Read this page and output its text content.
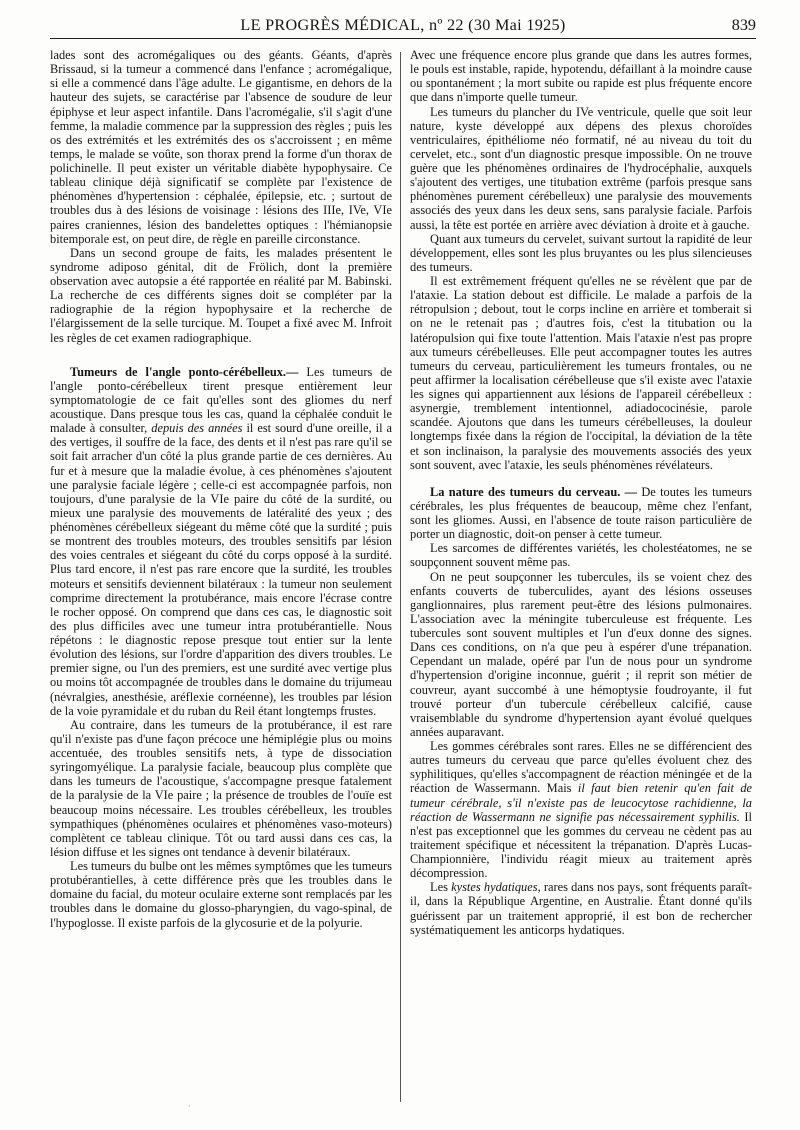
LE PROGRÈS MÉDICAL, nº 22 (30 Mai 1925)	839

lades sont des acromégaliques ou des géants. Géants, d'après Brissaud, si la tumeur a commencé dans l'enfance ; acromégalique, si elle a commencé dans l'âge adulte. Le gigantisme, en dehors de la hauteur des sujets, se caractérise par l'absence de soudure de leur épiphyse et leur aspect infantile. Dans l'acromégalie, s'il s'agit d'une femme, la maladie commence par la suppression des règles ; puis les os des extrémités et les extrémités des os s'accroissent ; en même temps, le malade se voûte, son thorax prend la forme d'un thorax de polichinelle. Il peut exister un véritable diabète hypophysaire. Ce tableau clinique déjà significatif se complète par l'existence de phénomènes d'hypertension : céphalée, épilepsie, etc. ; surtout de troubles dus à des lésions de voisinage : lésions des IIIe, IVe, VIe paires craniennes, lésion des bandelettes optiques : l'hémianopsie bitemporale est, on peut dire, de règle en pareille circonstance.

Dans un second groupe de faits, les malades présentent le syndrome adiposo génital, dit de Frölich, dont la première observation avec autopsie a été rapportée en réalité par M. Babinski. La recherche de ces différents signes doit se compléter par la radiographie de la région hypophysaire et la recherche de l'élargissement de la selle turcique. M. Toupet a fixé avec M. Infroit les règles de cet examen radiographique.

Tumeurs de l'angle ponto-cérébelleux.— Les tumeurs de l'angle ponto-cérébelleux tirent presque entièrement leur symptomatologie de ce fait qu'elles sont des gliomes du nerf acoustique. Dans presque tous les cas, quand la céphalée conduit le malade à consulter, depuis des années il est sourd d'une oreille, il a des vertiges, il souffre de la face, des dents et il n'est pas rare qu'il se soit fait arracher d'un côté la plus grande partie de ces dernières. Au fur et à mesure que la maladie évolue, à ces phénomènes s'ajoutent une paralysie faciale légère ; celle-ci est accompagnée parfois, non toujours, d'une paralysie de la VIe paire du côté de la surdité, ou mieux une paralysie des mouvements de latéralité des yeux ; des phénomènes cérébelleux siégeant du même côté que la surdité ; puis se montrent des troubles moteurs, des troubles sensitifs par lésion des voies centrales et siégeant du côté du corps opposé à la surdité. Plus tard encore, il n'est pas rare encore que la surdité, les troubles moteurs et sensitifs deviennent bilatéraux : la tumeur non seulement comprime directement la protubérance, mais encore l'écrase contre le rocher opposé. On comprend que dans ces cas, le diagnostic soit des plus difficiles avec une tumeur intra protubérantielle. Nous répétons : le diagnostic repose presque tout entier sur la lente évolution des lésions, sur l'ordre d'apparition des divers troubles. Le premier signe, ou l'un des premiers, est une surdité avec vertige plus ou moins tôt accompagnée de troubles dans le domaine du trijumeau (névralgies, anesthésie, aréflexie cornéenne), les troubles par lésion de la voie pyramidale et du ruban du Reil étant longtemps frustes.

Au contraire, dans les tumeurs de la protubérance, il est rare qu'il n'existe pas d'une façon précoce une hémiplégie plus ou moins accentuée, des troubles sensitifs nets, à type de dissociation syringomyélique. La paralysie faciale, beaucoup plus complète que dans les tumeurs de l'acoustique, s'accompagne presque fatalement de la paralysie de la VIe paire ; la présence de troubles de l'ouïe est beaucoup moins nécessaire. Les troubles cérébelleux, les troubles sympathiques (phénomènes oculaires et phénomènes vaso-moteurs) complètent ce tableau clinique. Tôt ou tard aussi dans ces cas, la lésion diffuse et les signes ont tendance à devenir bilatéraux.

Les tumeurs du bulbe ont les mêmes symptômes que les tumeurs protubérantielles, à cette différence près que les troubles dans le domaine du facial, du moteur oculaire externe sont remplacés par les troubles dans le domaine du glosso-pharyngien, du vago-spinal, de l'hypoglosse. Il existe parfois de la glycosurie et de la polyurie.

Avec une fréquence encore plus grande que dans les autres formes, le pouls est instable, rapide, hypotendu, défaillant à la moindre cause ou spontanément ; la mort subite ou rapide est plus fréquente encore que dans n'importe quelle tumeur.

Les tumeurs du plancher du IVe ventricule, quelle que soit leur nature, kyste développé aux dépens des plexus choroïdes ventriculaires, épithéliome néo formatif, né au niveau du toit du cervelet, etc., sont d'un diagnostic presque impossible. On ne trouve guère que les phénomènes ordinaires de l'hydrocéphalie, auxquels s'ajoutent des vertiges, une titubation extrême (parfois presque sans phénomènes purement cérébelleux) une paralysie des mouvements associés des yeux dans les deux sens, sans paralysie faciale. Parfois aussi, la tête est portée en arrière avec déviation à droite et à gauche.

Quant aux tumeurs du cervelet, suivant surtout la rapidité de leur développement, elles sont les plus bruyantes ou les plus silencieuses des tumeurs.

Il est extrêmement fréquent qu'elles ne se révèlent que par de l'ataxie. La station debout est difficile. Le malade a parfois de la rétropulsion ; debout, tout le corps incline en arrière et tomberait si on ne le retenait pas ; d'autres fois, c'est la titubation ou la latéropulsion qui fixe toute l'attention. Mais l'ataxie n'est pas propre aux tumeurs cérébelleuses. Elle peut accompagner toutes les autres tumeurs du cerveau, particulièrement les tumeurs frontales, ou ne peut affirmer la localisation cérébelleuse que s'il existe avec l'ataxie les signes qui appartiennent aux lésions de l'appareil cérébelleux : asynergie, tremblement intentionnel, adiadococinésie, parole scandée. Ajoutons que dans les tumeurs cérébelleuses, la douleur longtemps fixée dans la région de l'occipital, la déviation de la tête et son inclinaison, la paralysie des mouvements associés des yeux sont souvent, avec l'ataxie, les seuls phénomènes révélateurs.

La nature des tumeurs du cerveau. — De toutes les tumeurs cérébrales, les plus fréquentes de beaucoup, même chez l'enfant, sont les gliomes. Aussi, en l'absence de toute raison particulière de porter un diagnostic, doit-on penser à cette tumeur.

Les sarcomes de différentes variétés, les cholestéatomes, ne se soupçonnent souvent même pas.

On ne peut soupçonner les tubercules, ils se voient chez des enfants couverts de tuberculides, ayant des lésions osseuses ganglionnaires, plus rarement peut-être des lésions pulmonaires. L'association avec la méningite tuberculeuse est fréquente. Les tubercules sont souvent multiples et l'un d'eux donne des signes. Dans ces conditions, on n'a que peu à espérer d'une trépanation. Cependant un malade, opéré par l'un de nous pour un syndrome d'hypertension d'origine inconnue, guérit ; il reprit son métier de couvreur, ayant succombé à une hémoptysie foudroyante, il fut trouvé porteur d'un tubercule cérébelleux calcifié, cause vraisemblable du syndrome d'hypertension ayant évolué quelques années auparavant.

Les gommes cérébrales sont rares. Elles ne se différencient des autres tumeurs du cerveau que parce qu'elles évoluent chez des syphilitiques, qu'elles s'accompagnent de réaction méningée et de la réaction de Wassermann. Mais il faut bien retenir qu'en fait de tumeur cérébrale, s'il n'existe pas de leucocytose rachidienne, la réaction de Wassermann ne signifie pas nécessairement syphilis. Il n'est pas exceptionnel que les gommes du cerveau ne cèdent pas au traitement spécifique et nécessitent la trépanation. D'après Lucas-Championnière, l'individu réagit mieux au traitement après décompression.

Les kystes hydatiques, rares dans nos pays, sont fréquents paraît-il, dans la République Argentine, en Australie. Étant donné qu'ils guérissent par un traitement approprié, il est bon de rechercher systématiquement les anticorps hydatiques.

·
